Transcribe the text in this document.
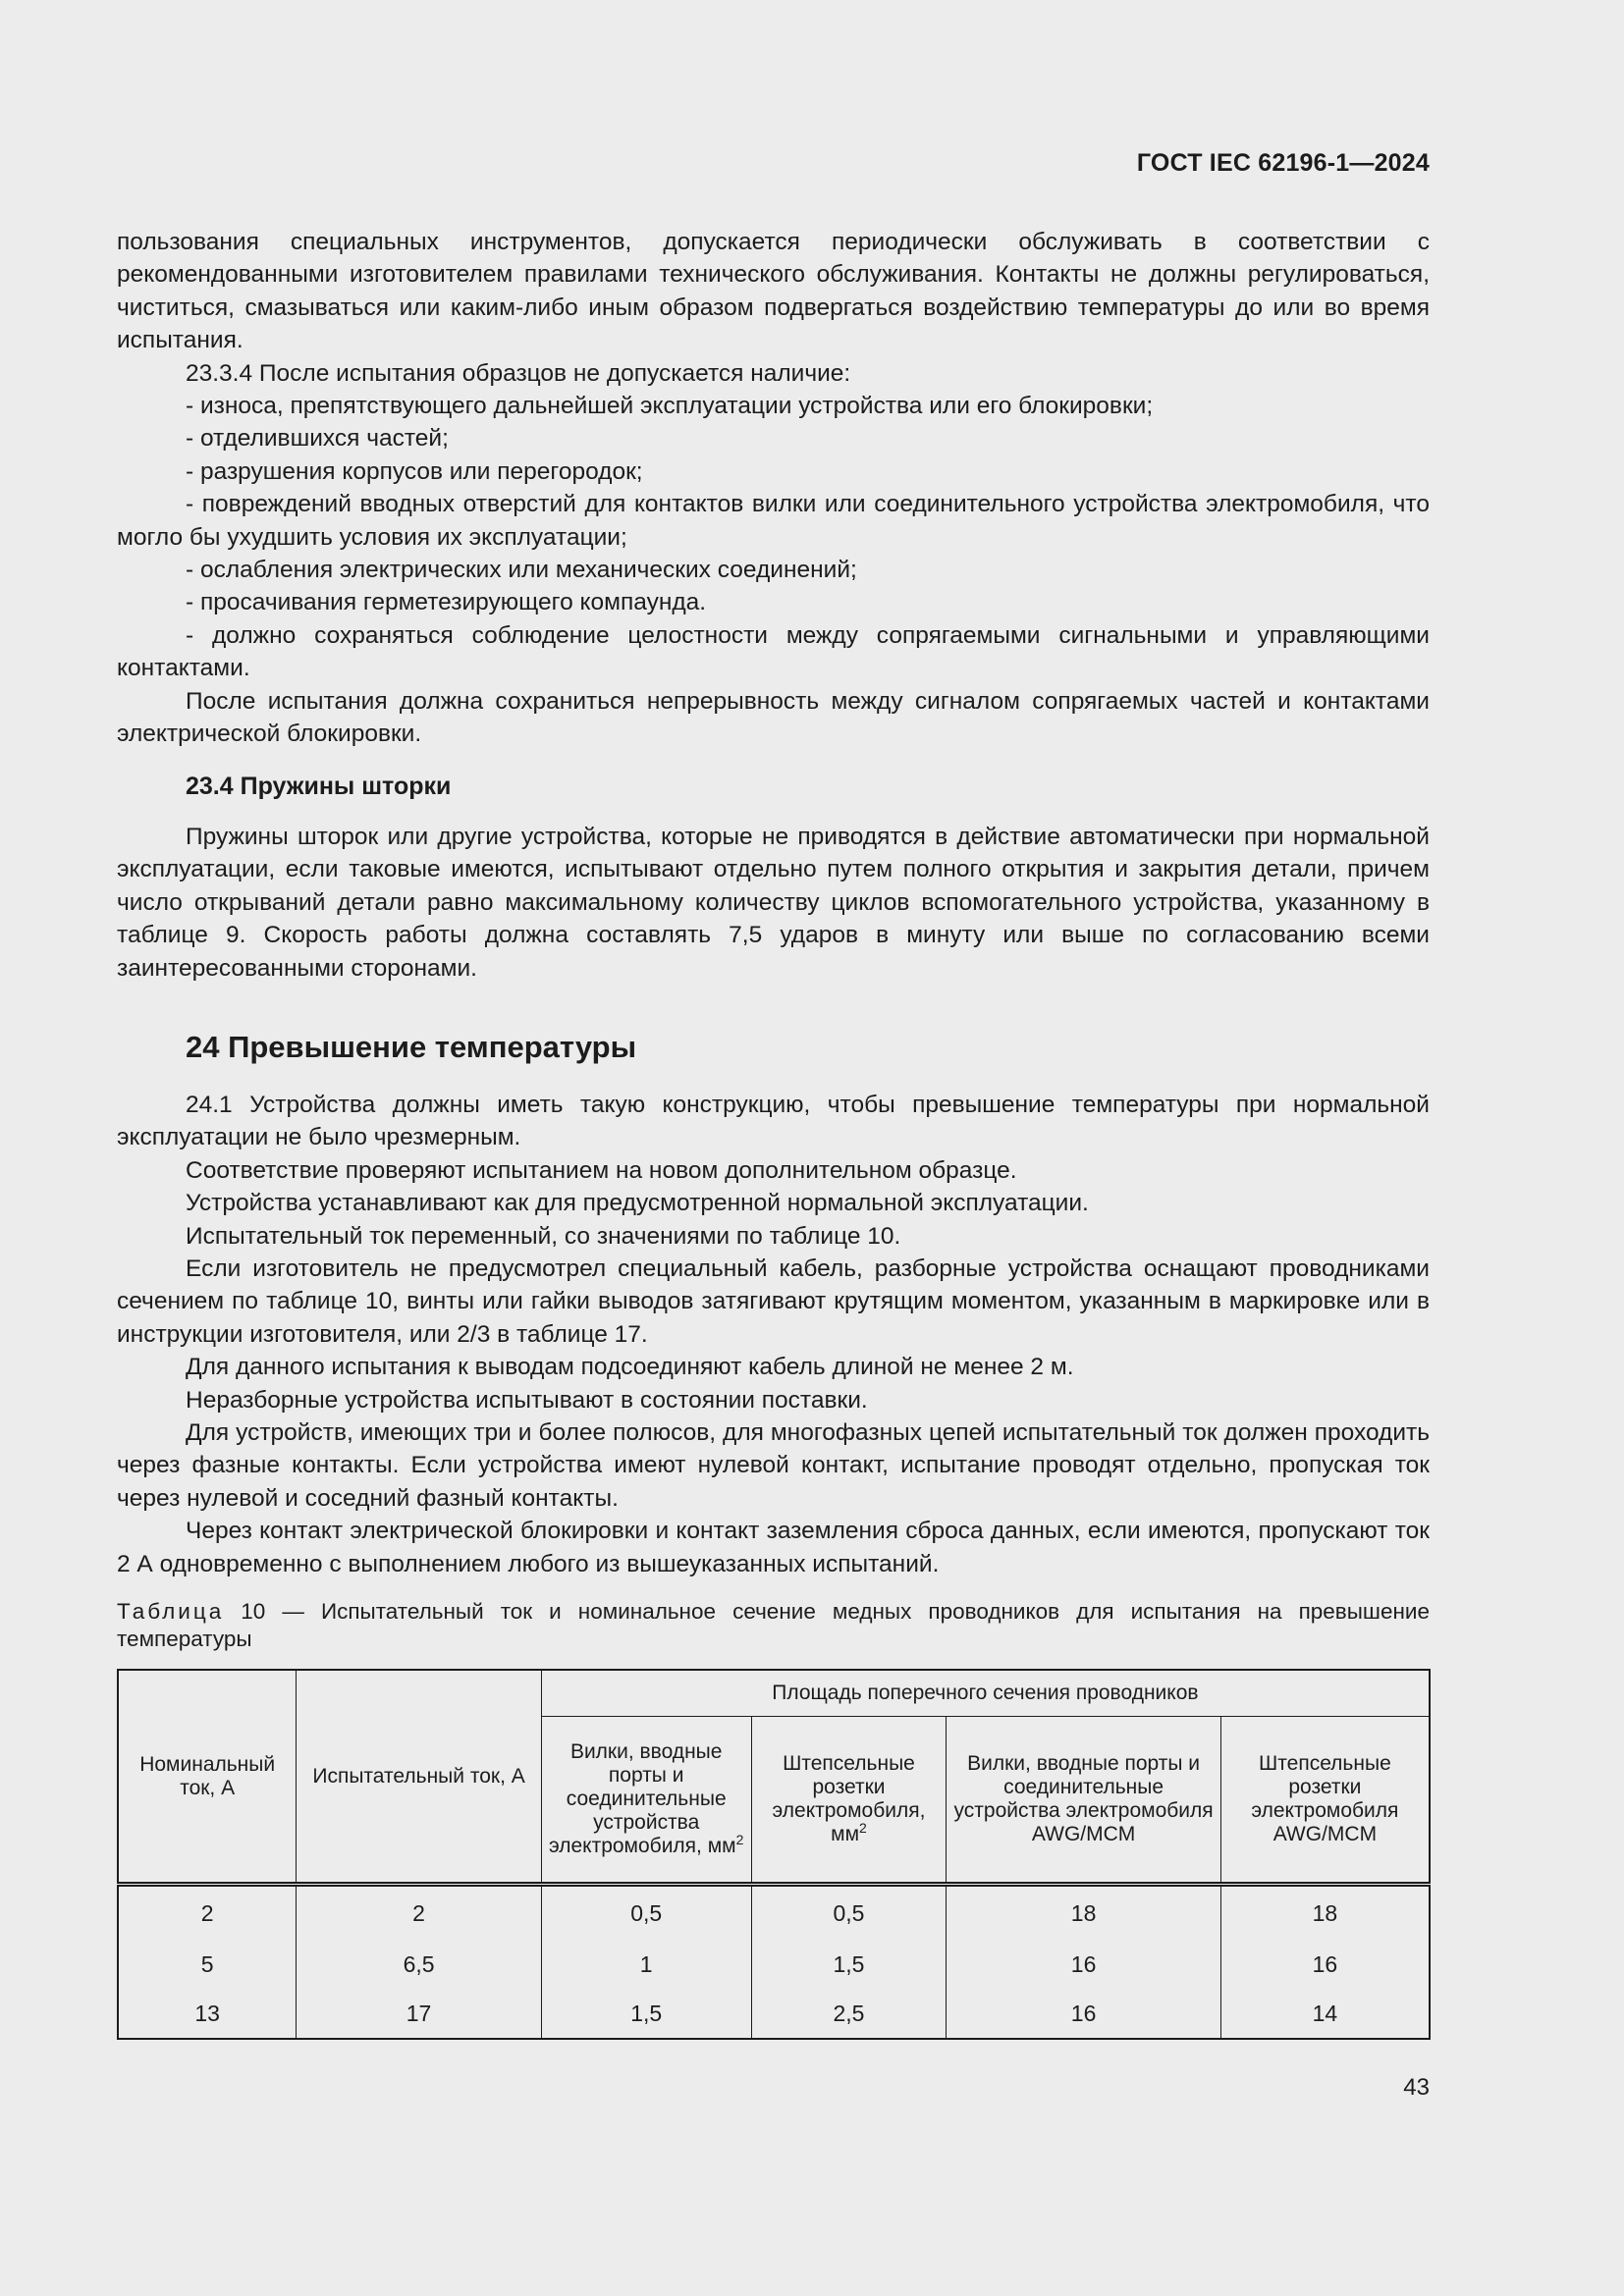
ГОСТ IEC 62196-1—2024

пользования специальных инструментов, допускается периодически обслуживать в соответствии с рекомендованными изготовителем правилами технического обслуживания. Контакты не должны регулироваться, чиститься, смазываться или каким-либо иным образом подвергаться воздействию температуры до или во время испытания.

23.3.4 После испытания образцов не допускается наличие:

- износа, препятствующего дальнейшей эксплуатации устройства или его блокировки;

- отделившихся частей;

- разрушения корпусов или перегородок;

- повреждений вводных отверстий для контактов вилки или соединительного устройства электромобиля, что могло бы ухудшить условия их эксплуатации;

- ослабления электрических или механических соединений;

- просачивания герметезирующего компаунда.

- должно сохраняться соблюдение целостности между сопрягаемыми сигнальными и управляющими контактами.

После испытания должна сохраниться непрерывность между сигналом сопрягаемых частей и контактами электрической блокировки.

23.4 Пружины шторки

Пружины шторок или другие устройства, которые не приводятся в действие автоматически при нормальной эксплуатации, если таковые имеются, испытывают отдельно путем полного открытия и закрытия детали, причем число открываний детали равно максимальному количеству циклов вспомогательного устройства, указанному в таблице 9. Скорость работы должна составлять 7,5 ударов в минуту или выше по согласованию всеми заинтересованными сторонами.

24 Превышение температуры

24.1 Устройства должны иметь такую конструкцию, чтобы превышение температуры при нормальной эксплуатации не было чрезмерным.

Соответствие проверяют испытанием на новом дополнительном образце.

Устройства устанавливают как для предусмотренной нормальной эксплуатации.

Испытательный ток переменный, со значениями по таблице 10.

Если изготовитель не предусмотрел специальный кабель, разборные устройства оснащают проводниками сечением по таблице 10, винты или гайки выводов затягивают крутящим моментом, указанным в маркировке или в инструкции изготовителя, или 2/3 в таблице 17.

Для данного испытания к выводам подсоединяют кабель длиной не менее 2 м.

Неразборные устройства испытывают в состоянии поставки.

Для устройств, имеющих три и более полюсов, для многофазных цепей испытательный ток должен проходить через фазные контакты. Если устройства имеют нулевой контакт, испытание проводят отдельно, пропуская ток через нулевой и соседний фазный контакты.

Через контакт электрической блокировки и контакт заземления сброса данных, если имеются, пропускают ток 2 А одновременно с выполнением любого из вышеуказанных испытаний.

Таблица 10 — Испытательный ток и номинальное сечение медных проводников для испытания на превышение температуры
Номинальный ток, А	Испытательный ток, А	Площадь поперечного сечения проводников			
		Вилки, вводные порты и соединительные устройства электромобиля, $мм^2$	Штепсельные розетки электромобиля, $мм^2$	Вилки, вводные порты и соединительные устройства электромобиля AWG/MCM	Штепсельные розетки электромобиля AWG/MCM
2	2	0,5	0,5	18	18
5	6,5	1	1,5	16	16
13	17	1,5	2,5	16	14
43
